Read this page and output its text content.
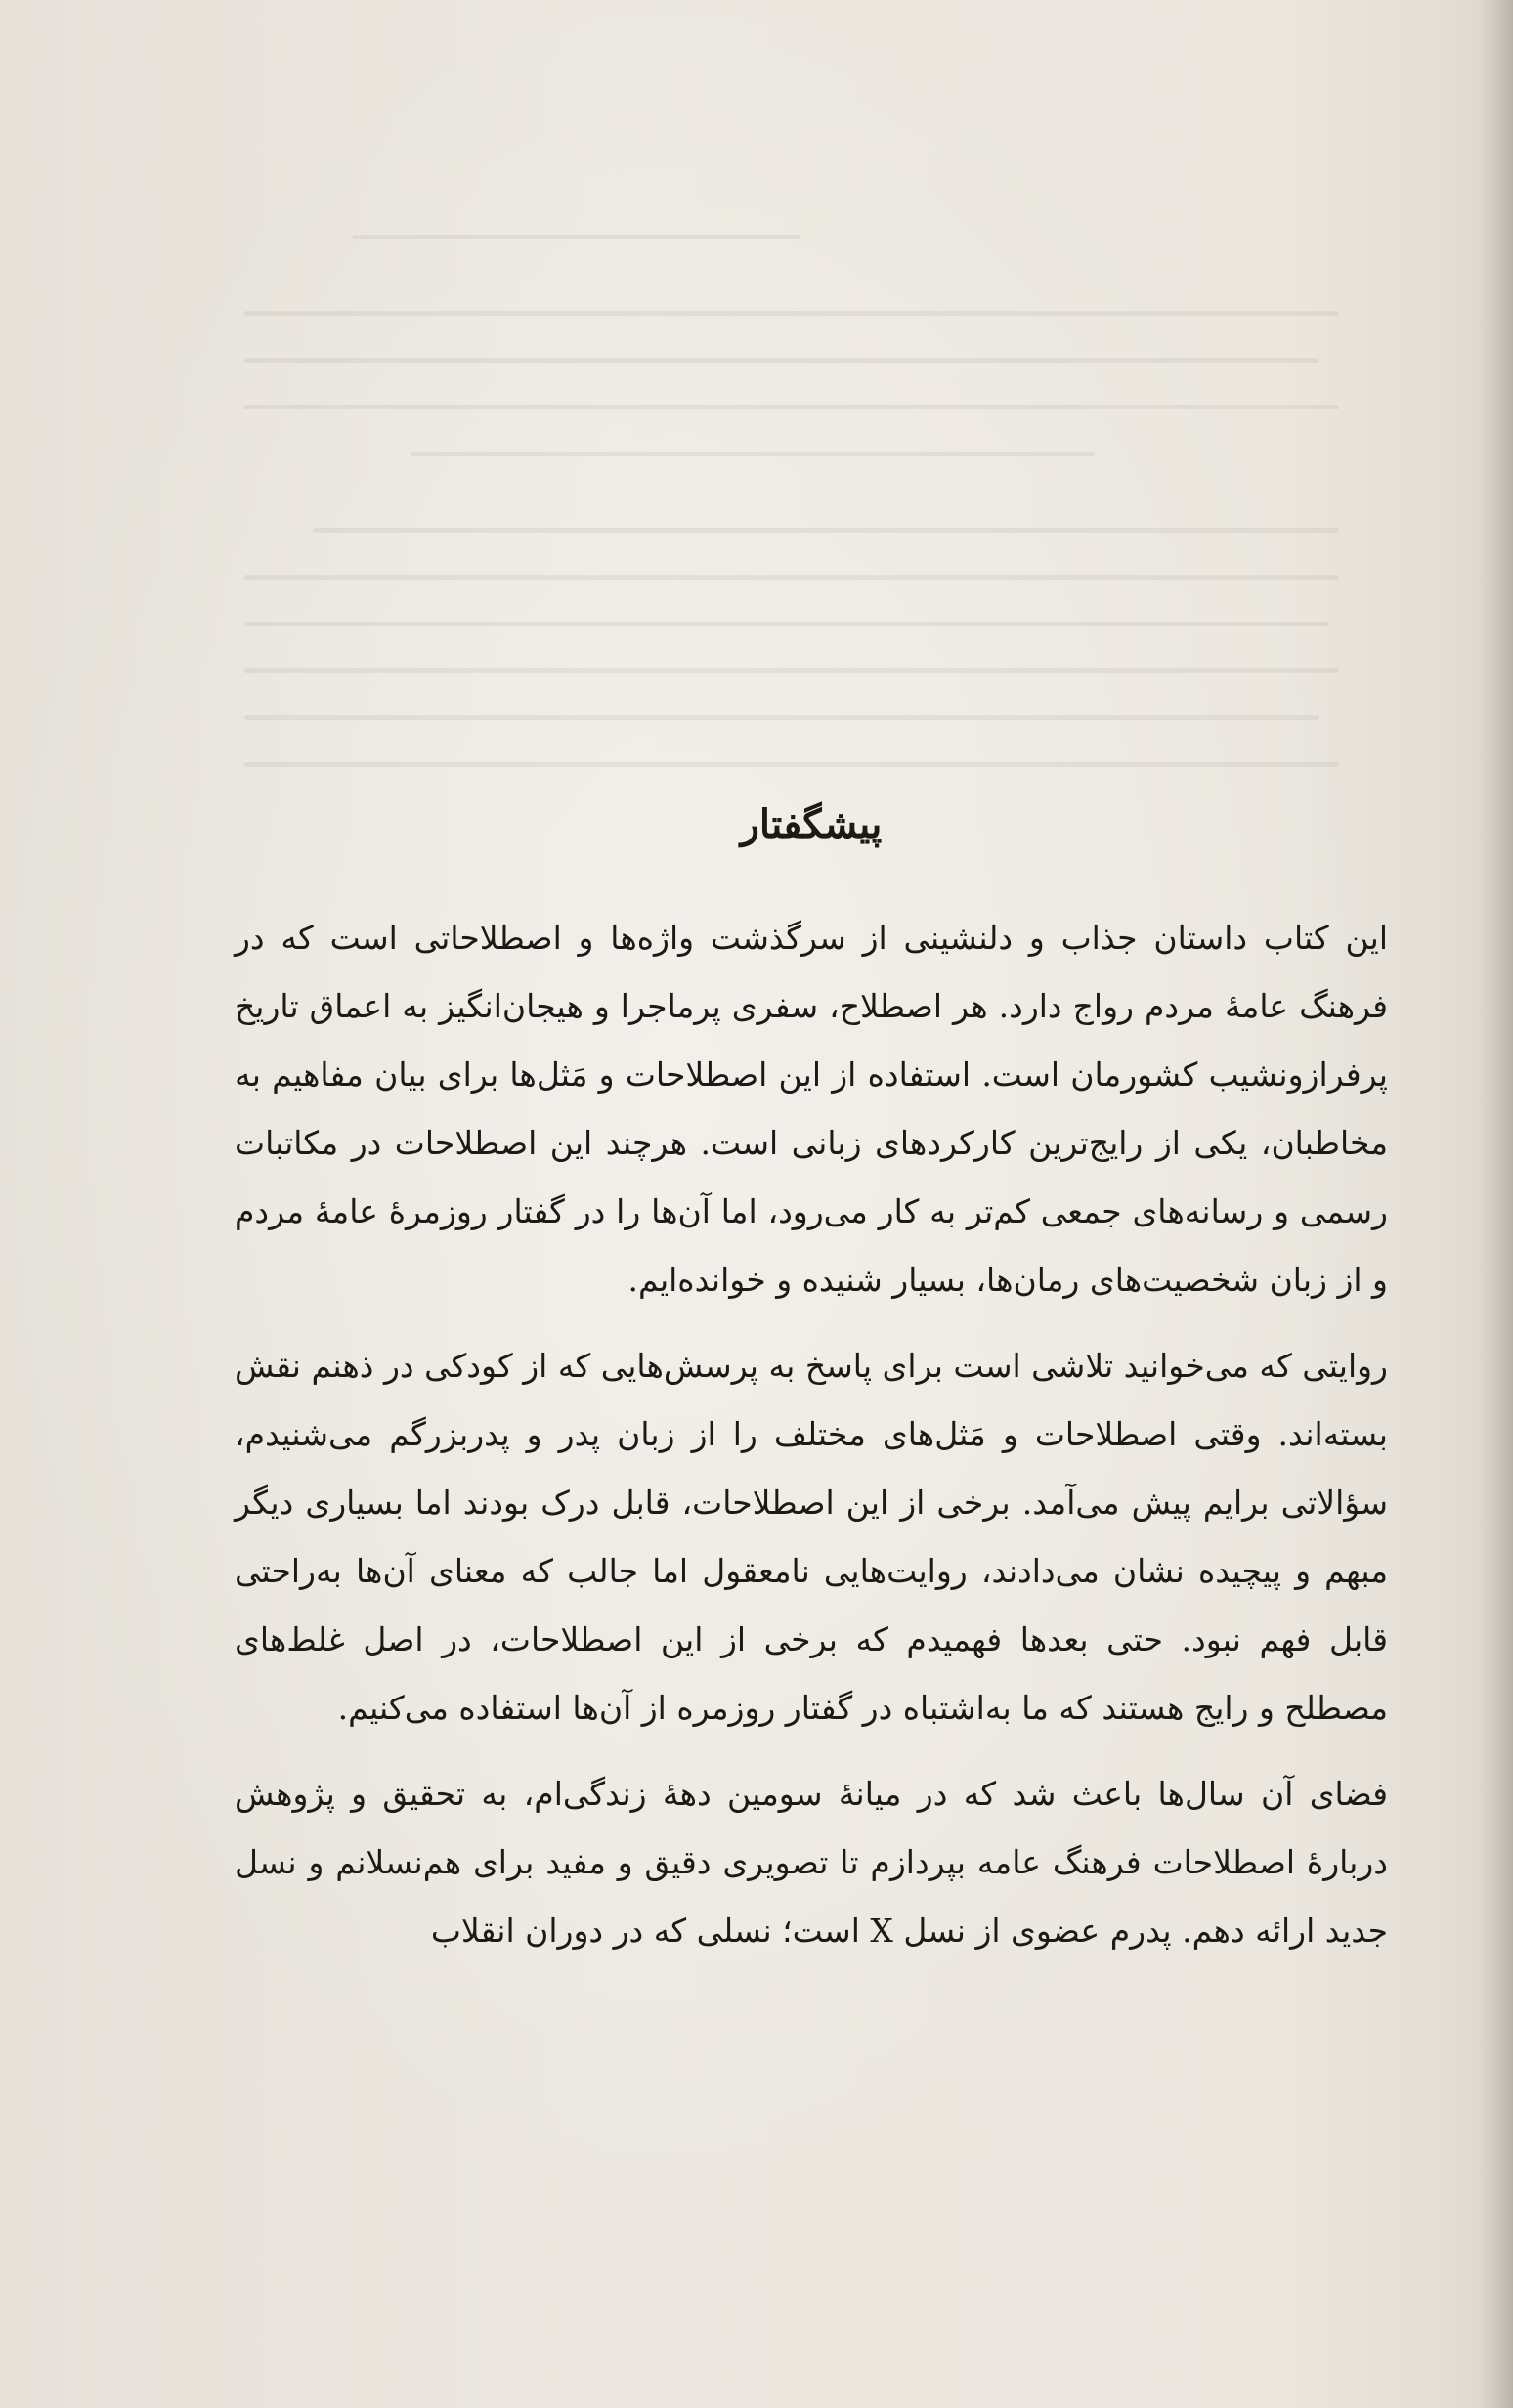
پیشگفتار

این کتاب داستان جذاب و دلنشینی از سرگذشت واژه‌ها و اصطلاحاتی است که در فرهنگ عامهٔ مردم رواج دارد. هر اصطلاح، سفری پرماجرا و هیجان‌انگیز به اعماق تاریخ پرفرازونشیب کشورمان است. استفاده از این اصطلاحات و مَثل‌ها برای بیان مفاهیم به مخاطبان، یکی از رایج‌ترین کارکردهای زبانی است. هرچند این اصطلاحات در مکاتبات رسمی و رسانه‌های جمعی کم‌تر به کار می‌رود، اما آن‌ها را در گفتار روزمرهٔ عامهٔ مردم و از زبان شخصیت‌های رمان‌ها، بسیار شنیده و خوانده‌ایم.

روایتی که می‌خوانید تلاشی است برای پاسخ به پرسش‌هایی که از کودکی در ذهنم نقش بسته‌اند. وقتی اصطلاحات و مَثل‌های مختلف را از زبان پدر و پدربزرگم می‌شنیدم، سؤالاتی برایم پیش می‌آمد. برخی از این اصطلاحات، قابل درک بودند اما بسیاری دیگر مبهم و پیچیده نشان می‌دادند، روایت‌هایی نامعقول اما جالب که معنای آن‌ها به‌راحتی قابل فهم نبود. حتی بعدها فهمیدم که برخی از این اصطلاحات، در اصل غلط‌های مصطلح و رایج هستند که ما به‌اشتباه در گفتار روزمره از آن‌ها استفاده می‌کنیم.

فضای آن سال‌ها باعث شد که در میانهٔ سومین دههٔ زندگی‌ام، به تحقیق و پژوهش دربارهٔ اصطلاحات فرهنگ عامه بپردازم تا تصویری دقیق و مفید برای هم‌نسلانم و نسل جدید ارائه دهم. پدرم عضوی از نسل X است؛ نسلی که در دوران انقلاب
